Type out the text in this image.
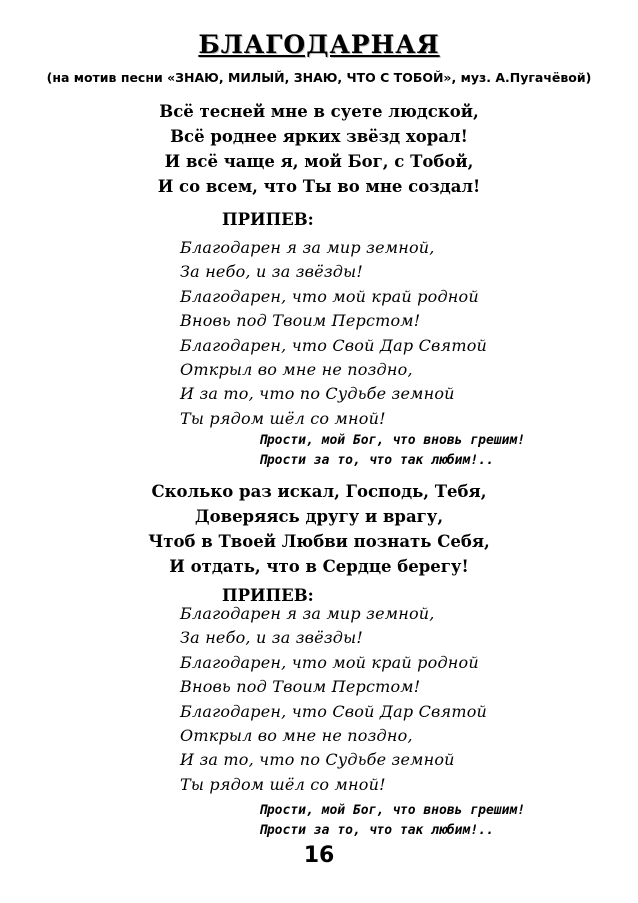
БЛАГОДАРНАЯ
(на мотив песни «ЗНАЮ, МИЛЫЙ, ЗНАЮ, ЧТО С ТОБОЙ», муз. А.Пугачёвой)
Всё тесней мне в суете людской,
Всё роднее ярких звёзд хорал!
И всё чаще я, мой Бог, с Тобой,
И со всем, что Ты во мне создал!
ПРИПЕВ:
Благодарен я за мир земной,
За небо, и за звёзды!
Благодарен, что мой край родной
Вновь под Твоим Перстом!
Благодарен, что Свой Дар Святой
Открыл во мне не поздно,
И за то, что по Судьбе земной
Ты рядом шёл со мной!
Прости, мой Бог, что вновь грешим!
Прости за то, что так любим!..
Сколько раз искал, Господь, Тебя,
Доверяясь другу и врагу,
Чтоб в Твоей Любви познать Себя,
И отдать, что в Сердце берегу!
ПРИПЕВ:
Благодарен я за мир земной,
За небо, и за звёзды!
Благодарен, что мой край родной
Вновь под Твоим Перстом!
Благодарен, что Свой Дар Святой
Открыл во мне не поздно,
И за то, что по Судьбе земной
Ты рядом шёл со мной!
Прости, мой Бог, что вновь грешим!
Прости за то, что так любим!..
16
